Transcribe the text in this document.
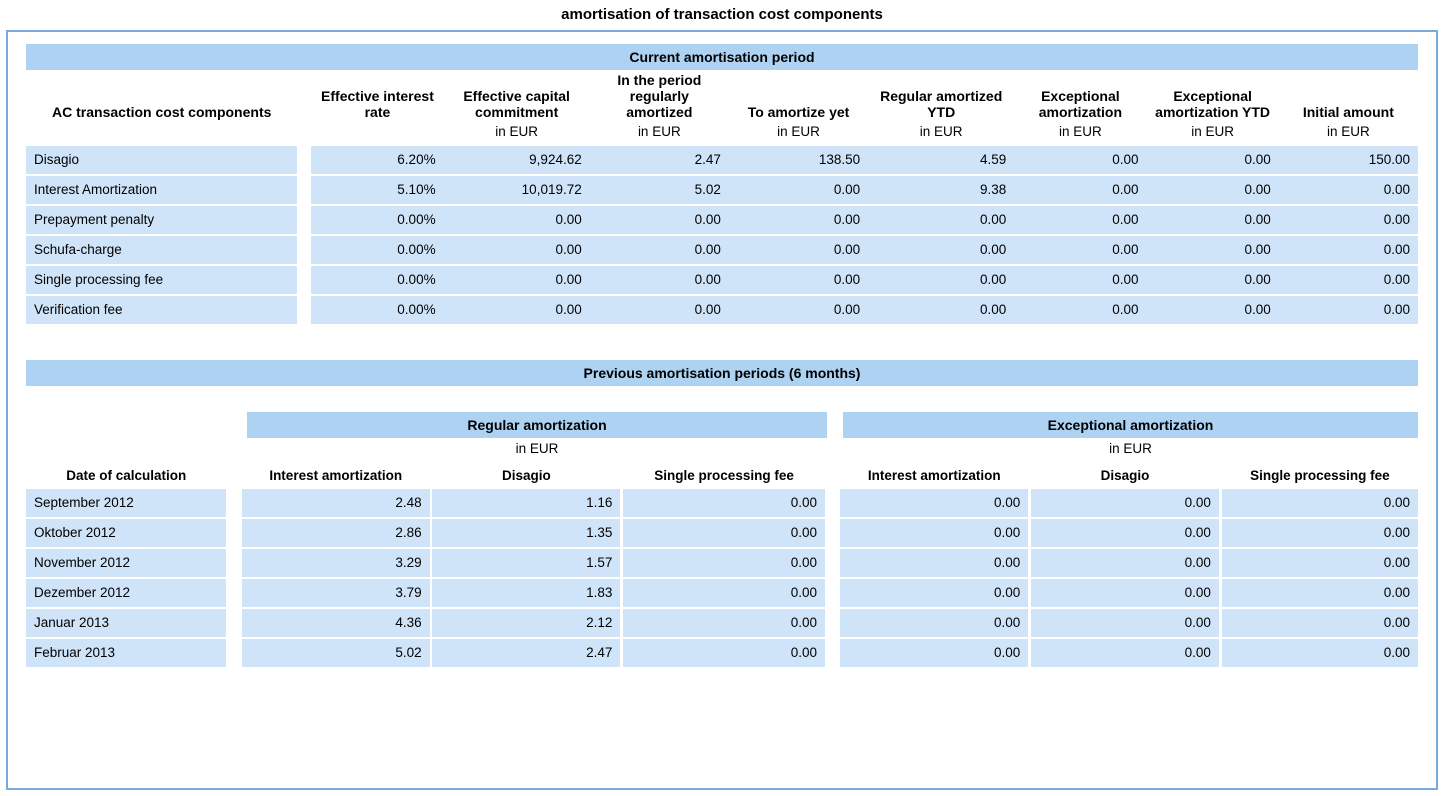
amortisation of transaction cost components
Current amortisation period
AC transaction cost components		Effective interest rate	Effective capital commitment	In the period regularly amortized	To amortize yet	Regular amortized YTD	Exceptional amortization	Exceptional amortization YTD	Initial amount
			in EUR	in EUR	in EUR	in EUR	in EUR	in EUR	in EUR
Disagio		6.20%	9,924.62	2.47	138.50	4.59	0.00	0.00	150.00
Interest Amortization		5.10%	10,019.72	5.02	0.00	9.38	0.00	0.00	0.00
Prepayment penalty		0.00%	0.00	0.00	0.00	0.00	0.00	0.00	0.00
Schufa-charge		0.00%	0.00	0.00	0.00	0.00	0.00	0.00	0.00
Single processing fee		0.00%	0.00	0.00	0.00	0.00	0.00	0.00	0.00
Verification fee		0.00%	0.00	0.00	0.00	0.00	0.00	0.00	0.00
Previous amortisation periods (6 months)
Regular amortization	Exceptional amortization
in EUR	in EUR
Date of calculation		Interest amortization		Disagio		Single processing fee		Interest amortization		Disagio		Single processing fee
September 2012		2.48		1.16		0.00		0.00		0.00		0.00
Oktober 2012		2.86		1.35		0.00		0.00		0.00		0.00
November 2012		3.29		1.57		0.00		0.00		0.00		0.00
Dezember 2012		3.79		1.83		0.00		0.00		0.00		0.00
Januar 2013		4.36		2.12		0.00		0.00		0.00		0.00
Februar 2013		5.02		2.47		0.00		0.00		0.00		0.00
